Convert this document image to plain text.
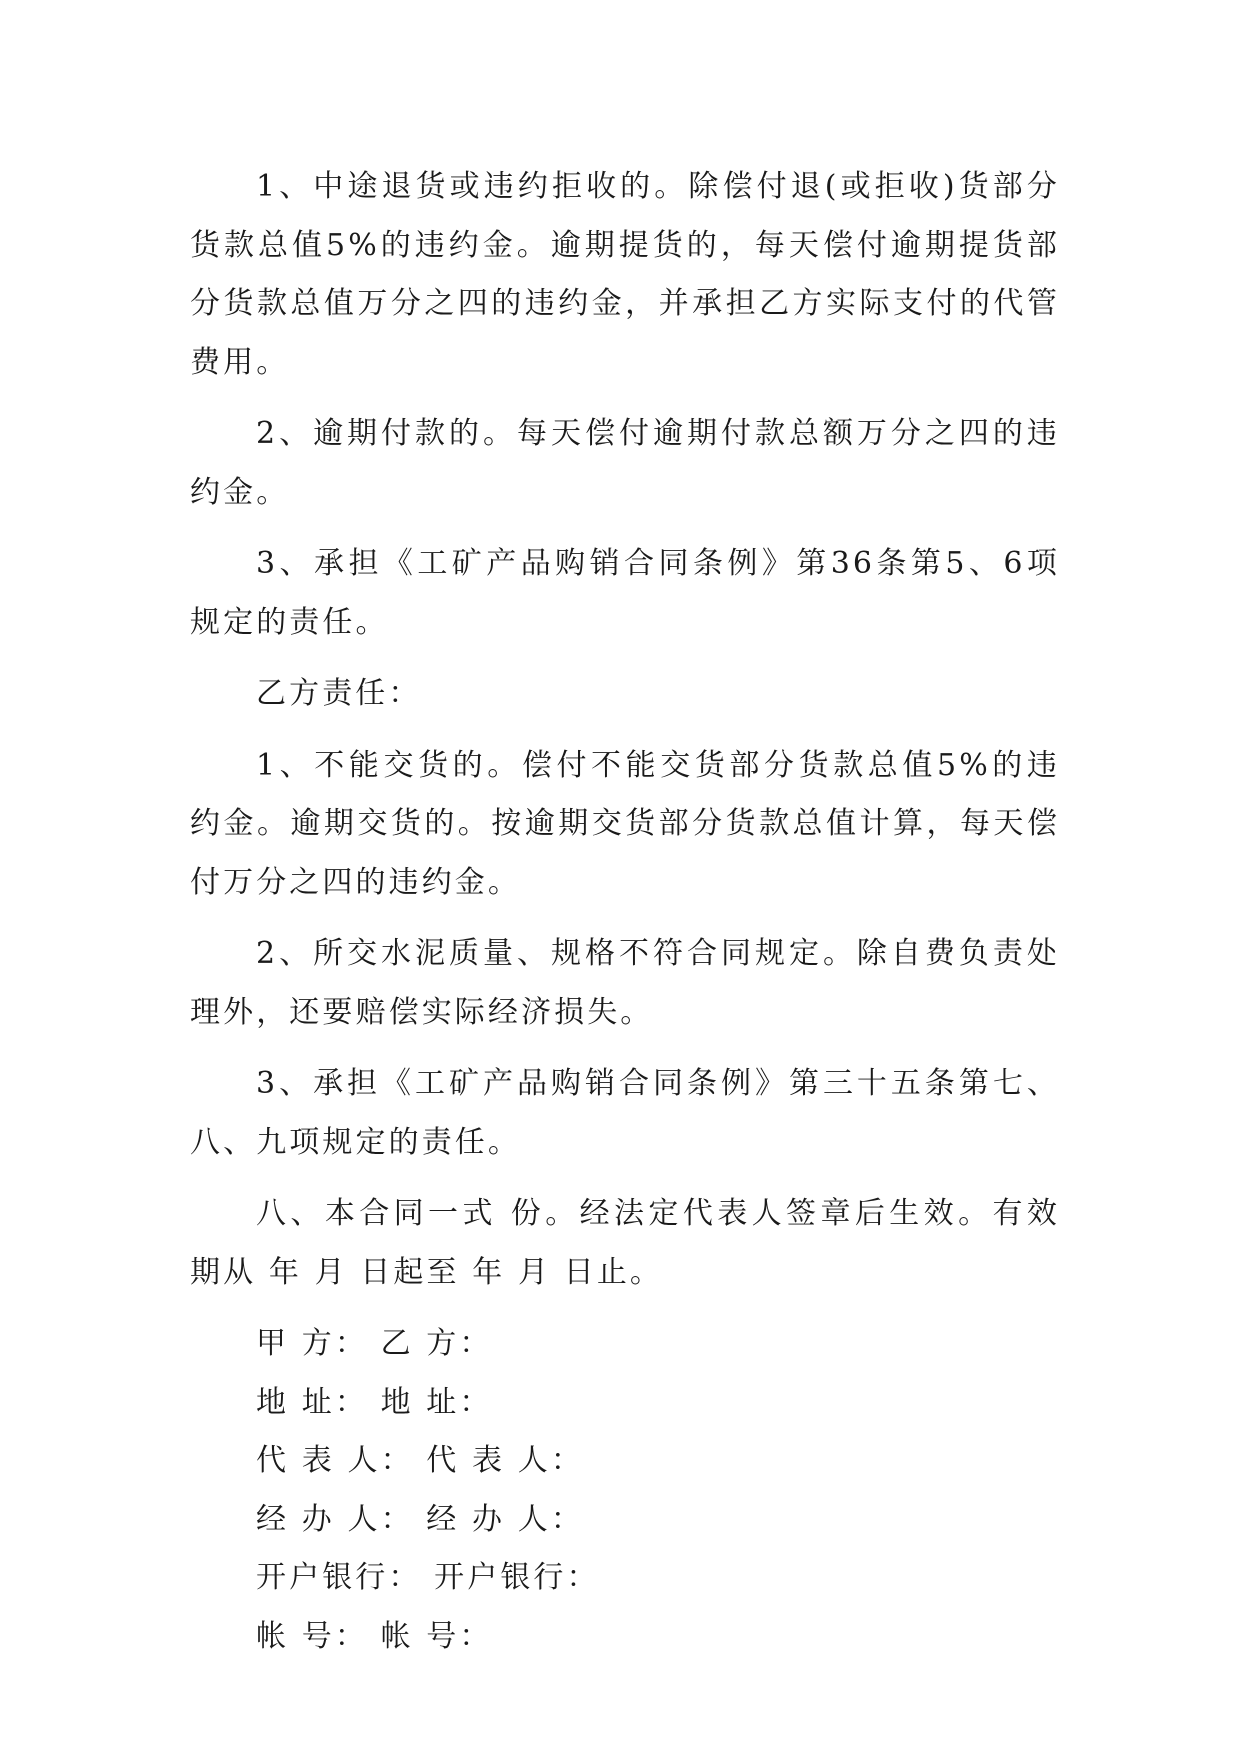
1、中途退货或违约拒收的。除偿付退(或拒收)货部分货款总值5%的违约金。逾期提货的，每天偿付逾期提货部分货款总值万分之四的违约金，并承担乙方实际支付的代管费用。

2、逾期付款的。每天偿付逾期付款总额万分之四的违约金。

3、承担《工矿产品购销合同条例》第36条第5、6项规定的责任。

乙方责任：

1、不能交货的。偿付不能交货部分货款总值5%的违约金。逾期交货的。按逾期交货部分货款总值计算，每天偿付万分之四的违约金。

2、所交水泥质量、规格不符合同规定。除自费负责处理外，还要赔偿实际经济损失。

3、承担《工矿产品购销合同条例》第三十五条第七、八、九项规定的责任。

八、本合同一式 份。经法定代表人签章后生效。有效期从 年 月 日起至 年 月 日止。

甲 方： 乙 方：

地 址： 地 址：

代 表 人： 代 表 人：

经 办 人： 经 办 人：

开户银行： 开户银行：

帐 号： 帐 号：
